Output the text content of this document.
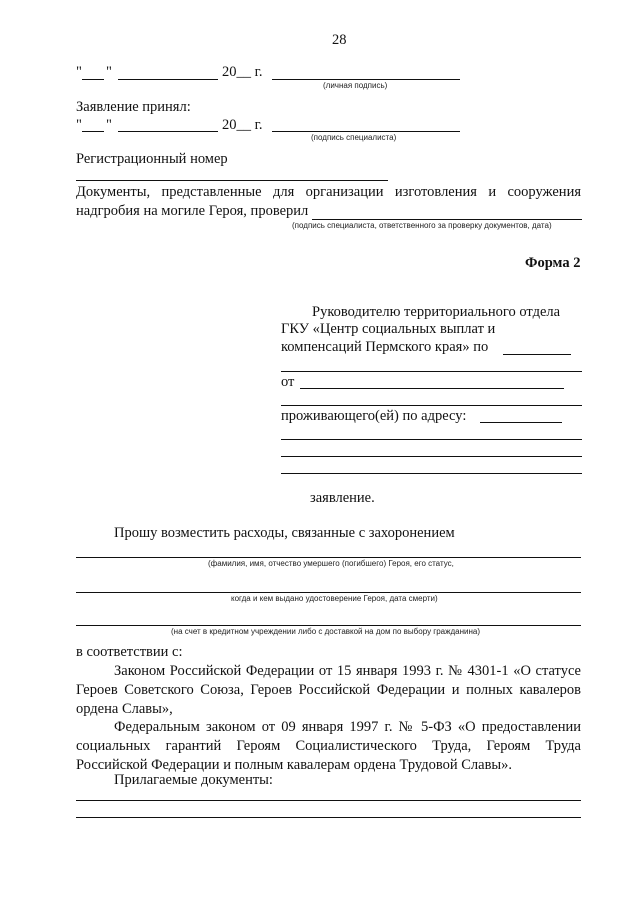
28
" "	20__ г.
(личная подпись)
Заявление принял:
" "	20__ г.
(подпись специалиста)
Регистрационный номер
Документы, представленные для организации изготовления и сооружения
надгробия на могиле Героя, проверил
(подпись специалиста, ответственного за проверку документов, дата)
Форма 2
Руководителю территориального отдела
ГКУ «Центр социальных выплат и
компенсаций Пермского края» по
от
проживающего(ей) по адресу:
заявление.
Прошу возместить расходы, связанные с захоронением
(фамилия, имя, отчество умершего (погибшего) Героя, его статус,
когда и кем выдано удостоверение Героя, дата смерти)
(на счет в кредитном учреждении либо с доставкой на дом по выбору гражданина)
в соответствии с:
Законом Российской Федерации от 15 января 1993 г. № 4301-1 «О статусе Героев Советского Союза, Героев Российской Федерации и полных кавалеров ордена Славы»,
Федеральным законом от 09 января 1997 г. № 5-ФЗ «О предоставлении социальных гарантий Героям Социалистического Труда, Героям Труда Российской Федерации и полным кавалерам ордена Трудовой Славы».
Прилагаемые документы:
